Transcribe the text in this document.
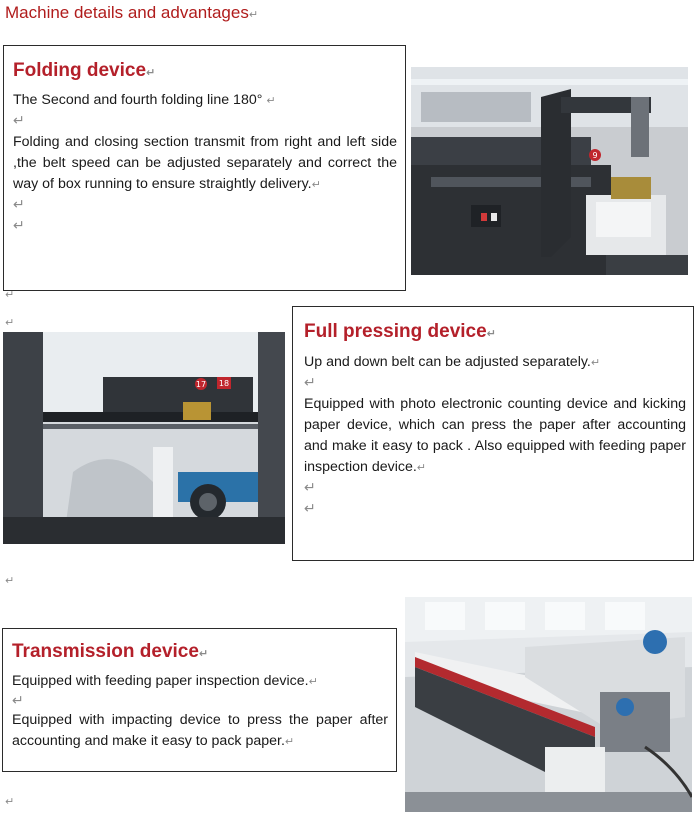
Machine details and advantages↵
Folding device↵

The Second and fourth folding line 180° ↵

↵

Folding and closing section transmit from right and left side ,the belt speed can be adjusted separately and correct the way of box running to ensure straightly delivery.↵

↵

↵

9
↵
↵
17 18
Full pressing device↵

Up and down belt can be adjusted separately.↵

↵

Equipped with photo electronic counting device and kicking paper device, which can press the paper after accounting and make it easy to pack . Also equipped with feeding paper inspection device.↵

↵

↵

↵
Transmission device↵

Equipped with feeding paper inspection device.↵

↵

Equipped with impacting device to press the paper after accounting and make it easy to pack paper.↵

↵
